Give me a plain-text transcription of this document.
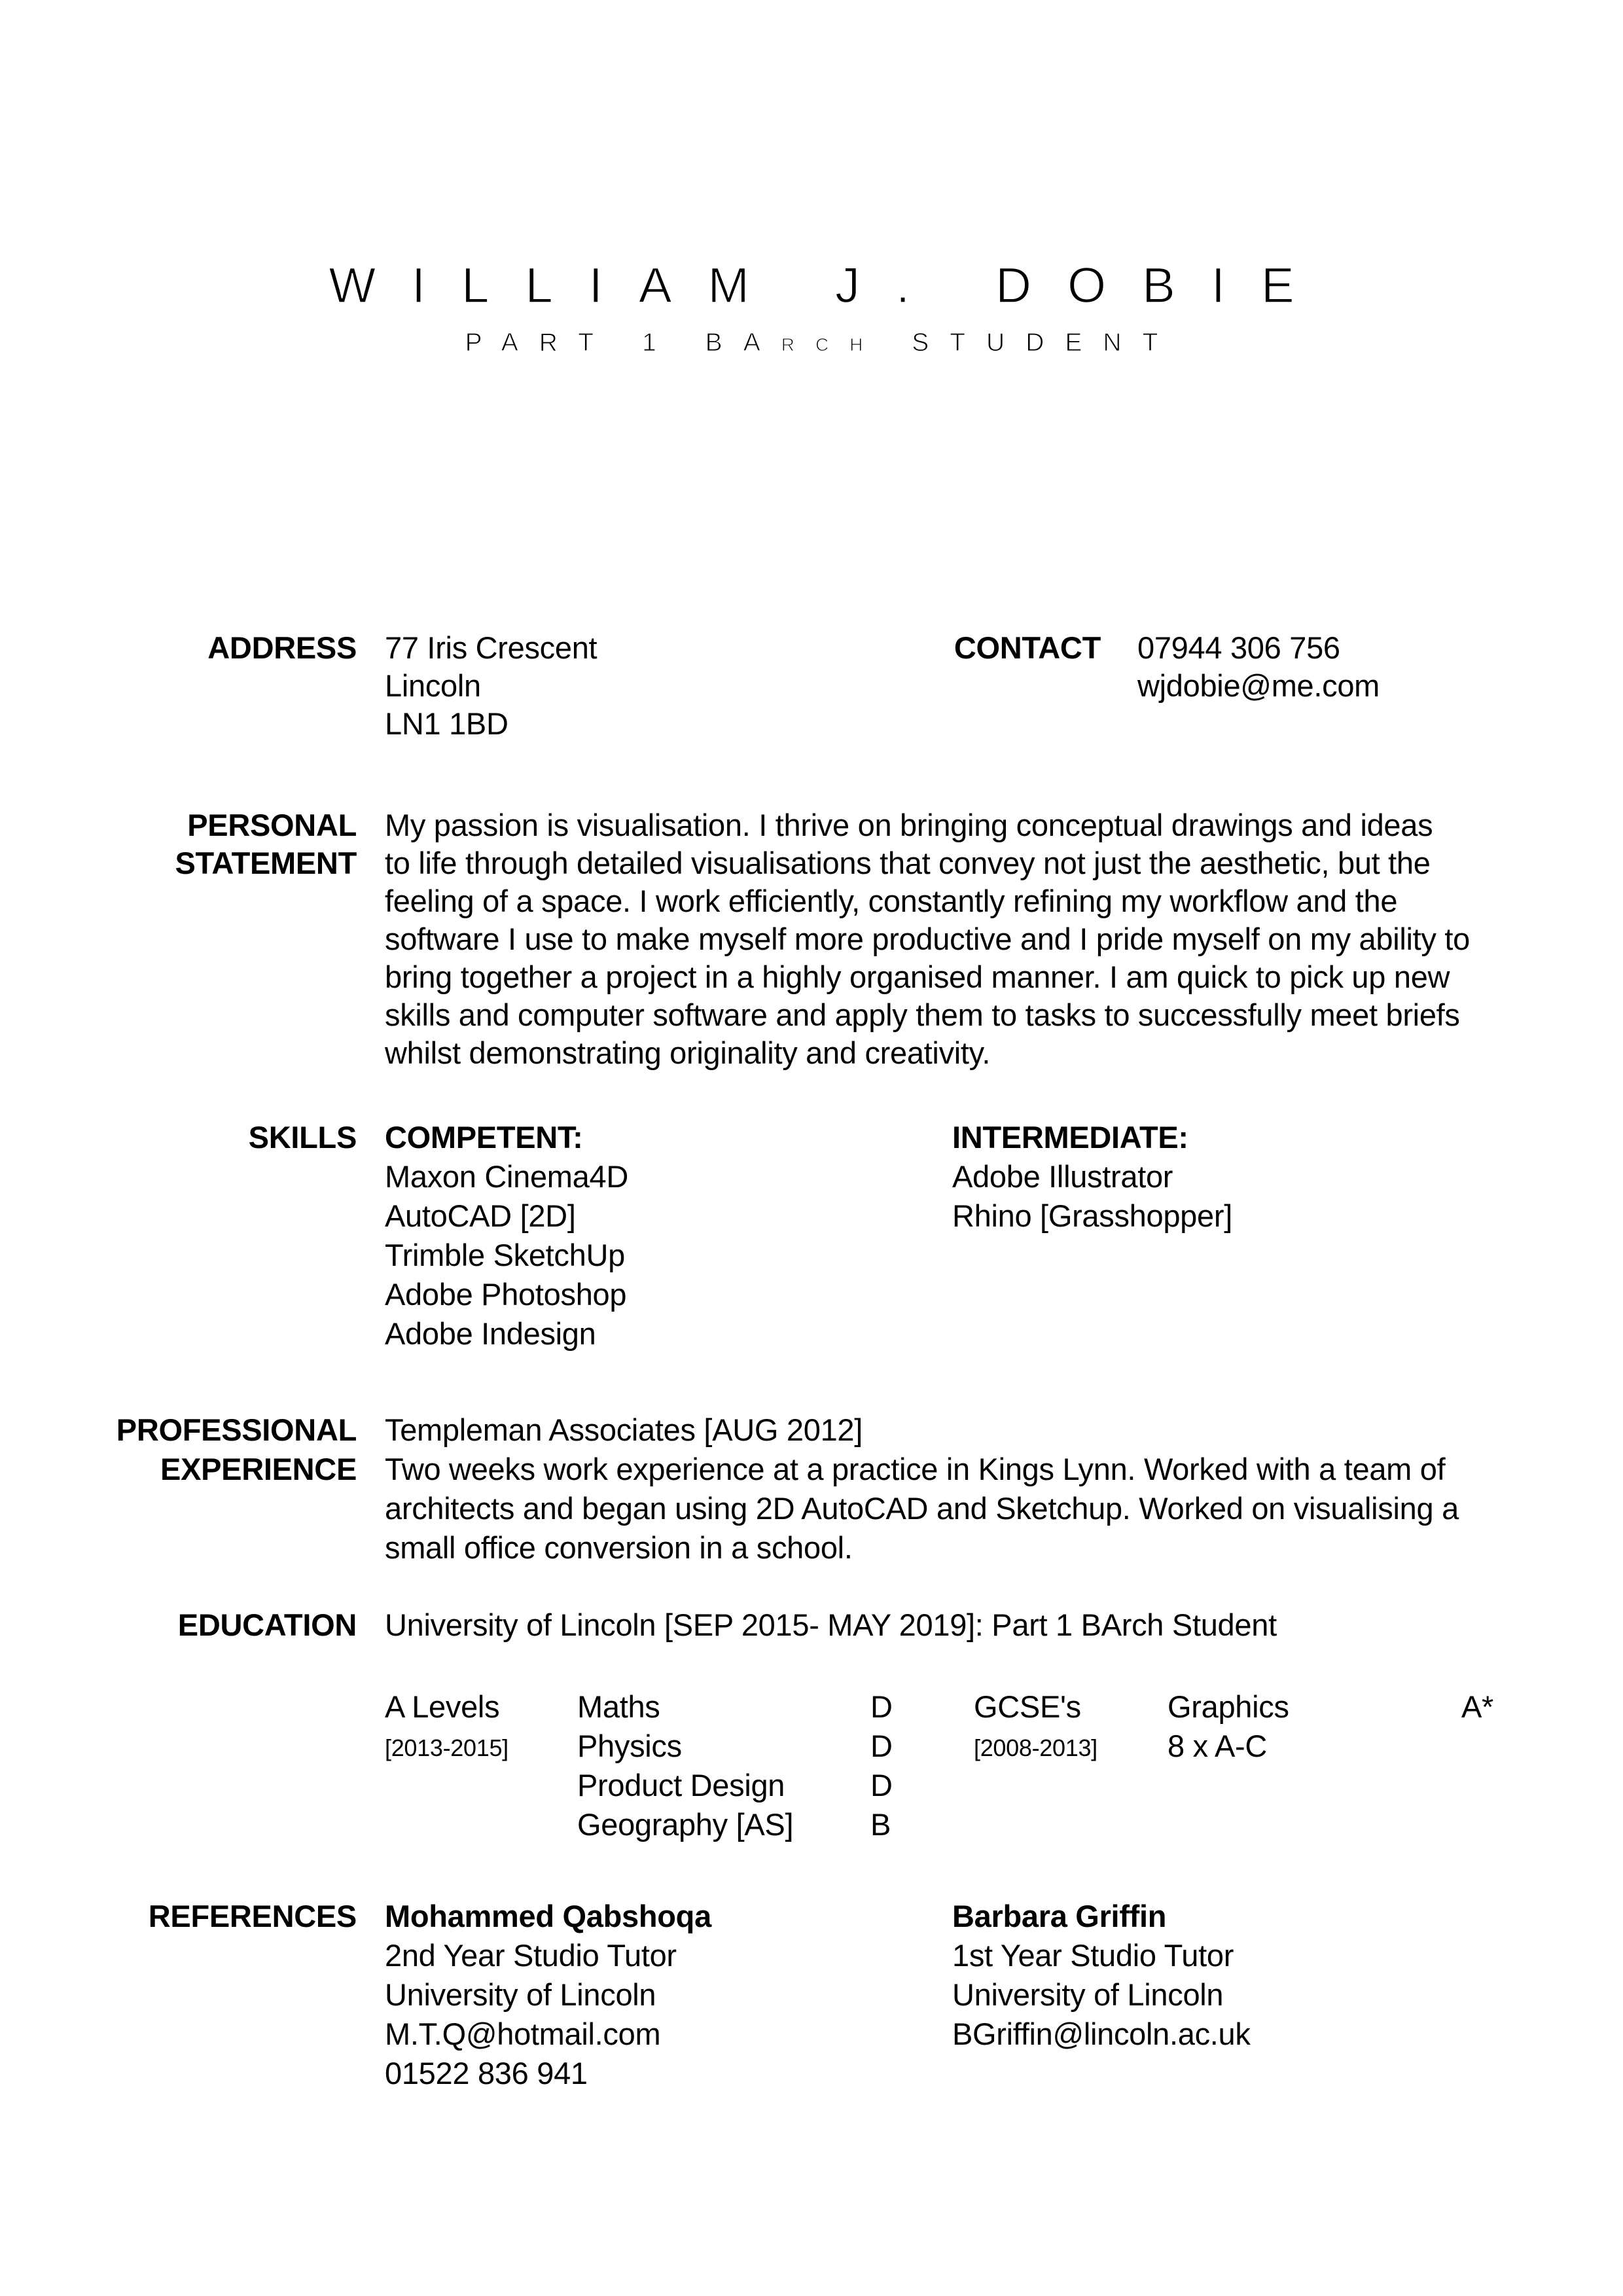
WILLIAM J. DOBIE
PART 1 BARCH STUDENT
ADDRESS 77 Iris Crescent
Lincoln
LN1 1BD
CONTACT 07944 306 756
wjdobie@me.com
PERSONAL
STATEMENT
My passion is visualisation. I thrive on bringing conceptual drawings and ideas
to life through detailed visualisations that convey not just the aesthetic, but the
feeling of a space. I work efficiently, constantly refining my workflow and the
software I use to make myself more productive and I pride myself on my ability to
bring together a project in a highly organised manner. I am quick to pick up new
skills and computer software and apply them to tasks to successfully meet briefs
whilst demonstrating originality and creativity.
SKILLS COMPETENT:
Maxon Cinema4D
AutoCAD [2D]
Trimble SketchUp
Adobe Photoshop
Adobe Indesign
INTERMEDIATE:
Adobe Illustrator
Rhino [Grasshopper]
PROFESSIONAL
EXPERIENCE
Templeman Associates [AUG 2012]
Two weeks work experience at a practice in Kings Lynn. Worked with a team of
architects and began using 2D AutoCAD and Sketchup. Worked on visualising a
small office conversion in a school.
EDUCATION University of Lincoln [SEP 2015- MAY 2019]: Part 1 BArch Student
A Levels
[2013-2015]
Maths
Physics
Product Design
Geography [AS]
D
D
D
B
GCSE's
[2008-2013]
Graphics
8 x A-C
A*
REFERENCES Mohammed Qabshoqa
2nd Year Studio Tutor
University of Lincoln
M.T.Q@hotmail.com
01522 836 941
Barbara Griffin
1st Year Studio Tutor
University of Lincoln
BGriffin@lincoln.ac.uk
